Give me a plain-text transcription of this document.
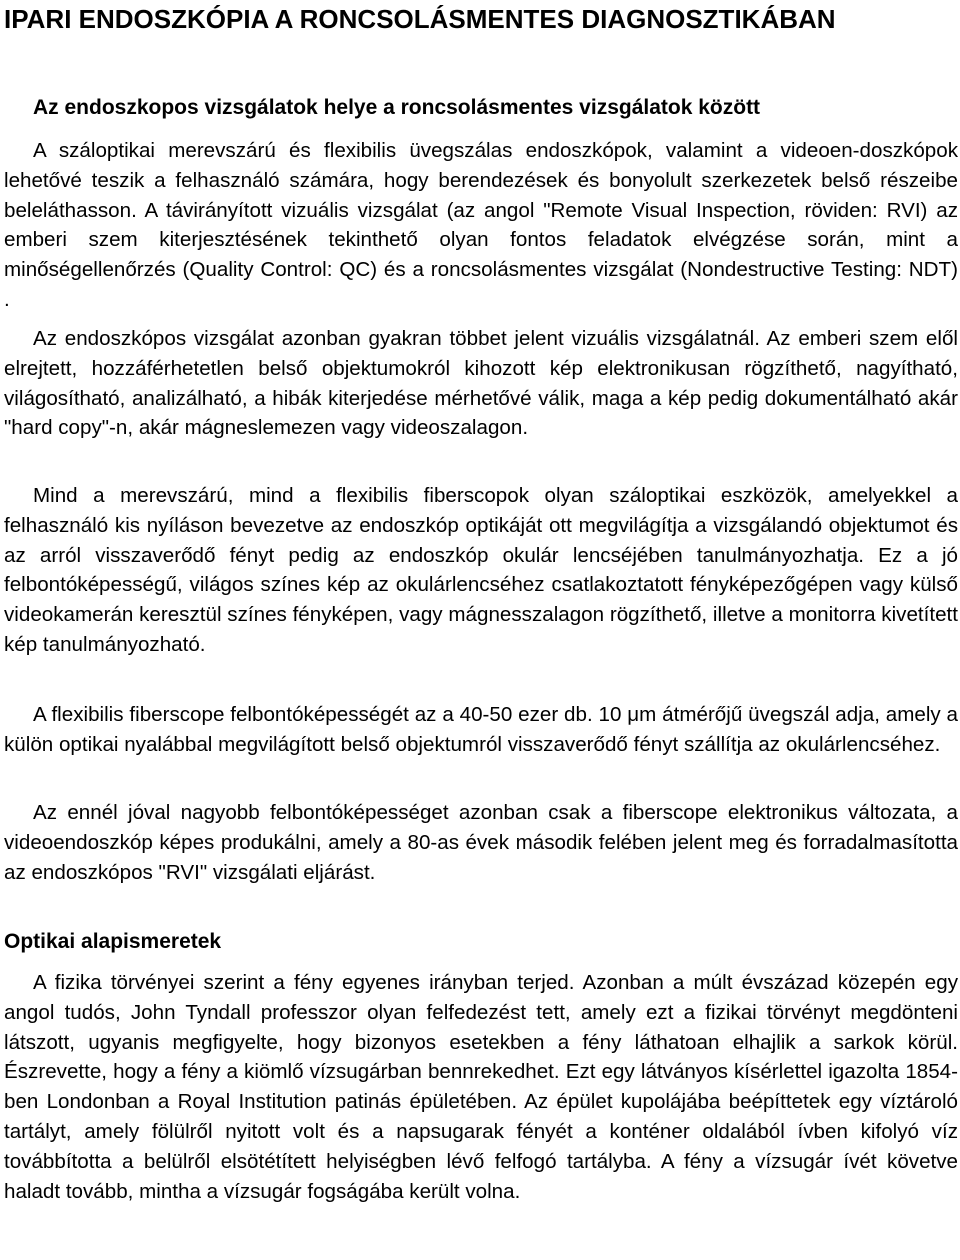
IPARI ENDOSZKÓPIA A RONCSOLÁSMENTES DIAGNOSZTIKÁBAN
Az endoszkopos vizsgálatok helye a roncsolásmentes vizsgálatok között

A száloptikai merevszárú és flexibilis üvegszálas endoszkópok, valamint a videoen-doszkópok lehetővé teszik a felhasználó számára, hogy berendezések és bonyolult szerkezetek belső részeibe beleláthasson. A távirányított vizuális vizsgálat (az angol "Remote Visual Inspection, röviden: RVI) az emberi szem kiterjesztésének tekinthető olyan fontos feladatok elvégzése során, mint a minőségellenőrzés (Quality Control: QC) és a roncsolásmentes vizsgálat (Nondestructive Testing: NDT) .

Az endoszkópos vizsgálat azonban gyakran többet jelent vizuális vizsgálatnál. Az emberi szem elől elrejtett, hozzáférhetetlen belső objektumokról kihozott kép elektronikusan rögzíthető, nagyítható, világosítható, analizálható, a hibák kiterjedése mérhetővé válik, maga a kép pedig dokumentálható akár "hard copy"-n, akár mágneslemezen vagy videoszalagon.

Mind a merevszárú, mind a flexibilis fiberscopok olyan száloptikai eszközök, amelyekkel a felhasználó kis nyíláson bevezetve az endoszkóp optikáját ott megvilágítja a vizsgálandó objektumot és az arról visszaverődő fényt pedig az endoszkóp okulár lencséjében tanulmányozhatja. Ez a jó felbontóképességű, világos színes kép az okulárlencséhez csatlakoztatott fényképezőgépen vagy külső videokamerán keresztül színes fényképen, vagy mágnesszalagon rögzíthető, illetve a monitorra kivetített kép tanulmányozható.

A flexibilis fiberscope felbontóképességét az a 40-50 ezer db. 10 μm átmérőjű üvegszál adja, amely a külön optikai nyalábbal megvilágított belső objektumról visszaverődő fényt szállítja az okulárlencséhez.

Az ennél jóval nagyobb felbontóképességet azonban csak a fiberscope elektronikus változata, a videoendoszkóp képes produkálni, amely a 80-as évek második felében jelent meg és forradalmasította az endoszkópos "RVI" vizsgálati eljárást.

Optikai alapismeretek

A fizika törvényei szerint a fény egyenes irányban terjed. Azonban a múlt évszázad közepén egy angol tudós, John Tyndall professzor olyan felfedezést tett, amely ezt a fizikai törvényt megdönteni látszott, ugyanis megfigyelte, hogy bizonyos esetekben a fény láthatoan elhajlik a sarkok körül. Észrevette, hogy a fény a kiömlő vízsugárban bennrekedhet. Ezt egy látványos kísérlettel igazolta 1854-ben Londonban a Royal Institution patinás épületében. Az épület kupolájába beépíttetek egy víztároló tartályt, amely fölülről nyitott volt és a napsugarak fényét a konténer oldalából ívben kifolyó víz továbbította a belülről elsötétített helyiségben lévő felfogó tartályba. A fény a vízsugár ívét követve haladt tovább, mintha a vízsugár fogságába került volna.
